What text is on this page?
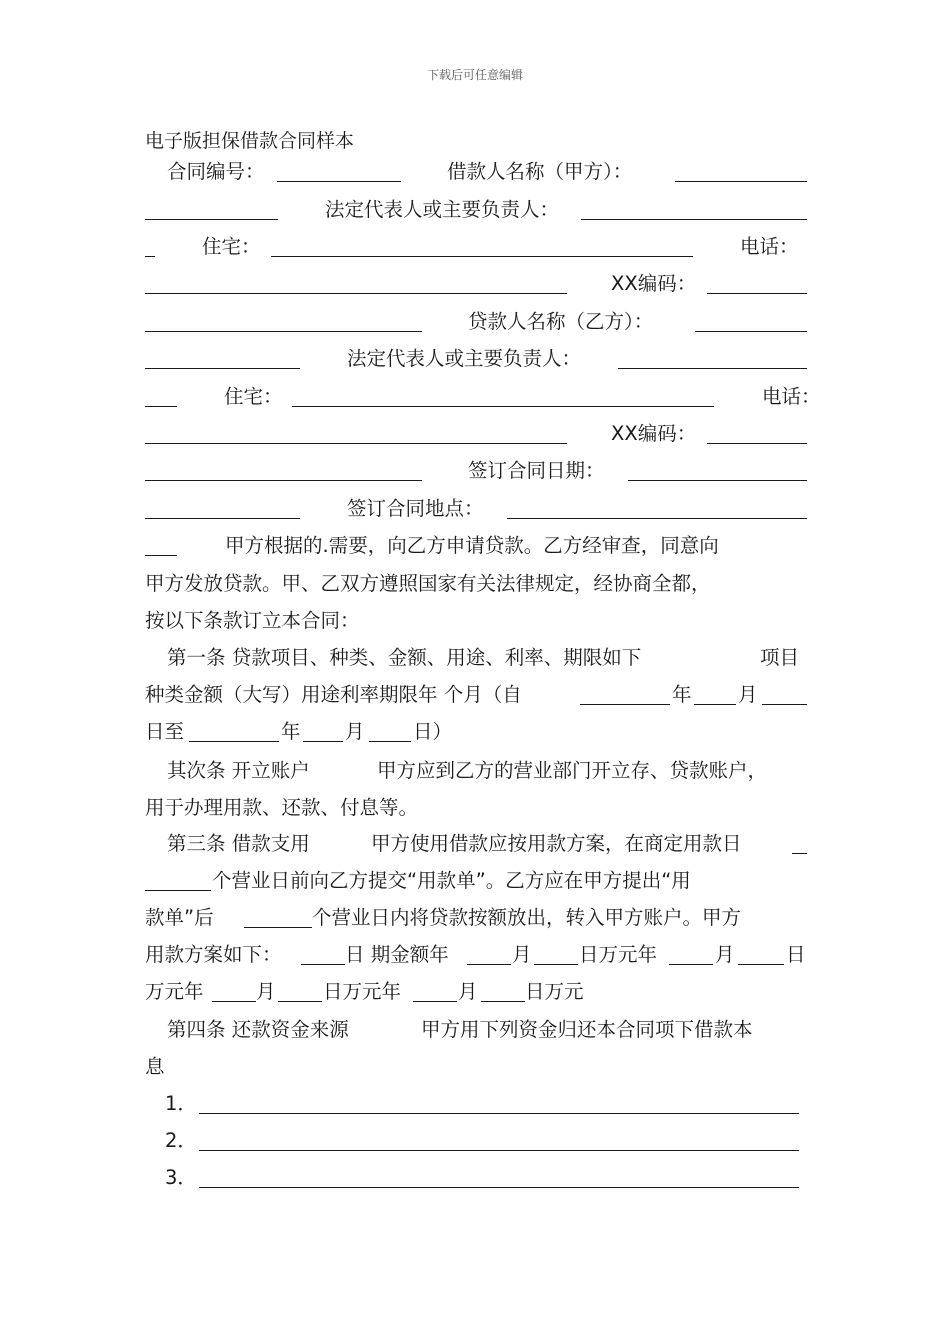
下载后可任意编辑
电子版担保借款合同样本
合同编号：	借款人名称（甲方）：
法定代表人或主要负责人：
住宅：	电话：
XX编码：
贷款人名称（乙方）：
法定代表人或主要负责人：
住宅：	电话：
XX编码：
签订合同日期：
签订合同地点：
甲方根据的.需要，向乙方申请贷款。乙方经审查，同意向
甲方发放贷款。甲、乙双方遵照国家有关法律规定，经协商全都，
按以下条款订立本合同：
第一条 贷款项目、种类、金额、用途、利率、期限如下	项目
种类金额（大写）用途利率期限年 个月（自	年 月
日至	年 月 日）
其次条 开立账户	甲方应到乙方的营业部门开立存、贷款账户，
用于办理用款、还款、付息等。
第三条 借款支用	甲方使用借款应按用款方案，在商定用款日
个营业日前向乙方提交“用款单”。乙方应在甲方提出“用
款单”后	个营业日内将贷款按额放出，转入甲方账户。甲方
用款方案如下：	日 期金额年	月 日万元年	月	日
万元年	月 日万元年	月 日万元
第四条 还款资金来源	甲方用下列资金归还本合同项下借款本
息
1．
2．
3．
